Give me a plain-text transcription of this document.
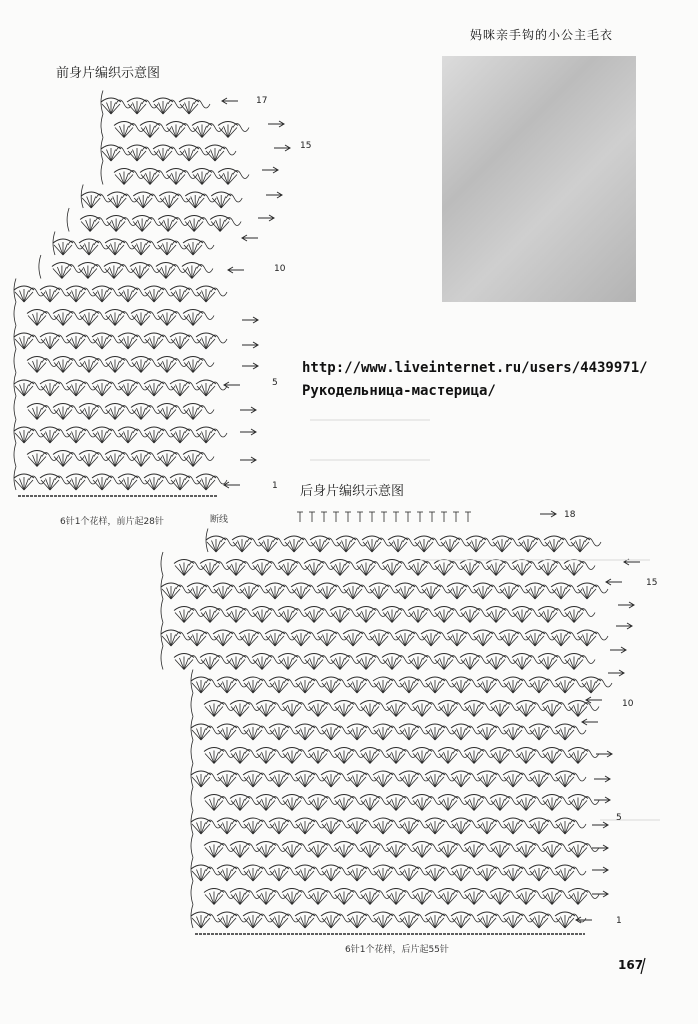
妈咪亲手钩的小公主毛衣
前身片编织示意图
http://www.liveinternet.ru/users/4439971/
Рукодельница-мастерица/
后身片编织示意图
6针1个花样，前片起28针	断线
6针1个花样，后片起55针
17
15
10
5
1
18
15
10
5
1
167
